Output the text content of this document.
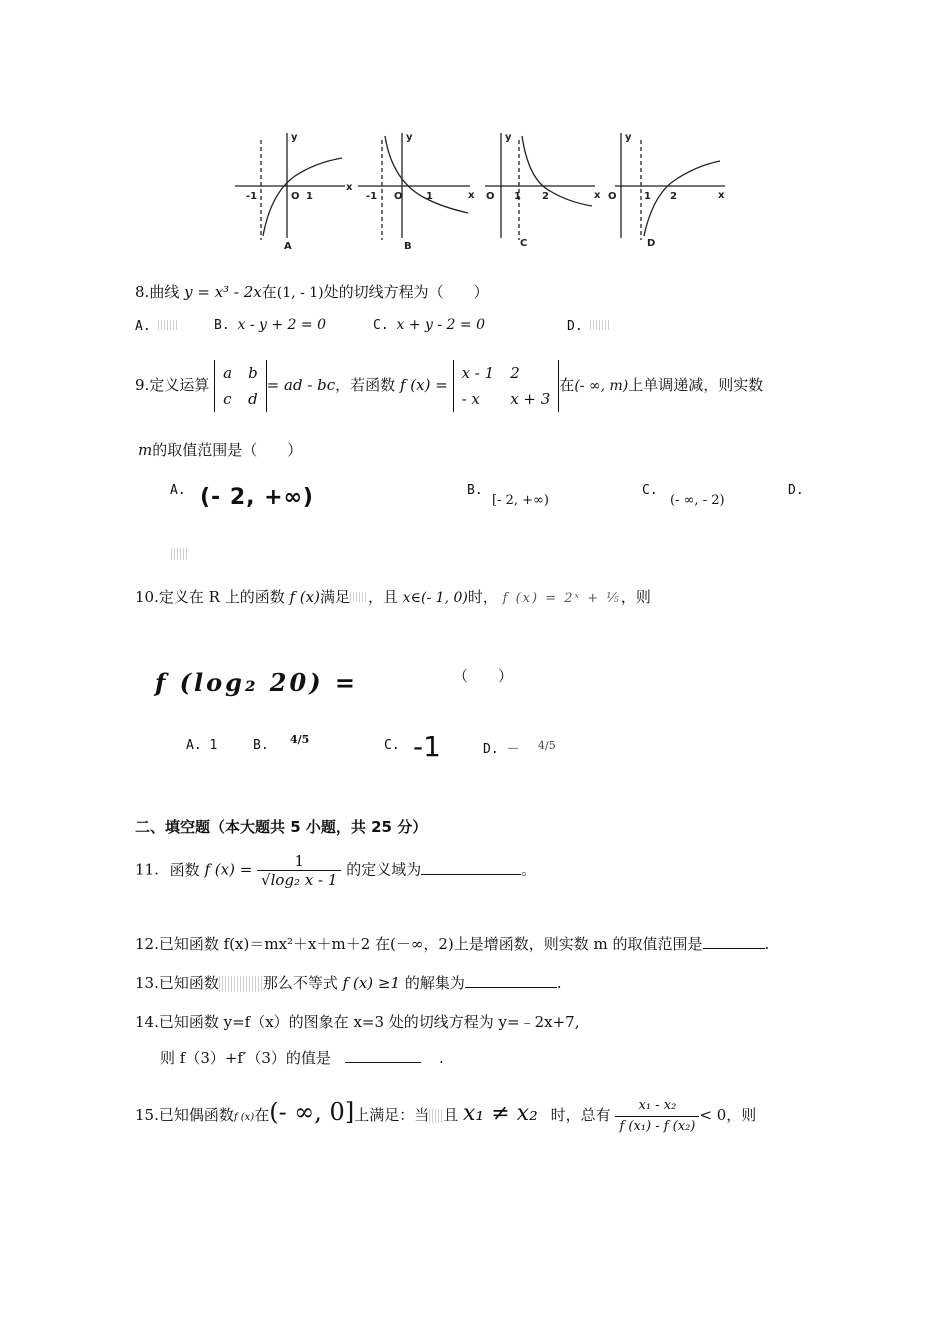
x
y
-1	O 1
A
x
y
-1 O 1
B
x
y
O 1 2
C
x
y
O	1 2
D
8.曲线 y = x³ - 2x在(1, - 1)处的切线方程为（　　）
A.	B. x - y + 2 = 0	C. x + y - 2 = 0	D.
9.定义运算 a	b
c	d= ad - bc，若函数 f (x) = x - 1	2
- x	x + 3在(- ∞, m)上单调递减，则实数
m的取值范围是（　　）
A. (- 2, +∞)	B.
[- 2, +∞)
C.
(- ∞, - 2)
D.
10.定义在 R 上的函数 f (x)满足 ，且 x∈(- 1, 0)时， f (x) = 2ˣ + ⅕，则
f (log₂ 20) =	（　　）
A. 1	B. 4/5	C. -1	D. － 4/5
二、填空题（本大题共 5 小题，共 25 分）
11. 函数 f $(x) = \frac{1}{\text{√log₂ x - 1}}$ 的定义域为	。
12.已知函数 f(x)＝mx²＋x＋m＋2 在(－∞，2)上是增函数，则实数 m 的取值范围是	.
13.已知函数	那么不等式 f (x) ≥1 的解集为	.
14.已知函数 y=f（x）的图象在 x=3 处的切线方程为 y=﹣2x+7,
则 f（3）+f′（3）的值是	.
15.已知偶函数f (x)在(- ∞, 0]上满足：当 且 x₁ ≠ x₂ 时，总有 $\frac{\text{x₁ - x₂}}{\text{f (x₁) - f (x₂)}} < 0$，则
